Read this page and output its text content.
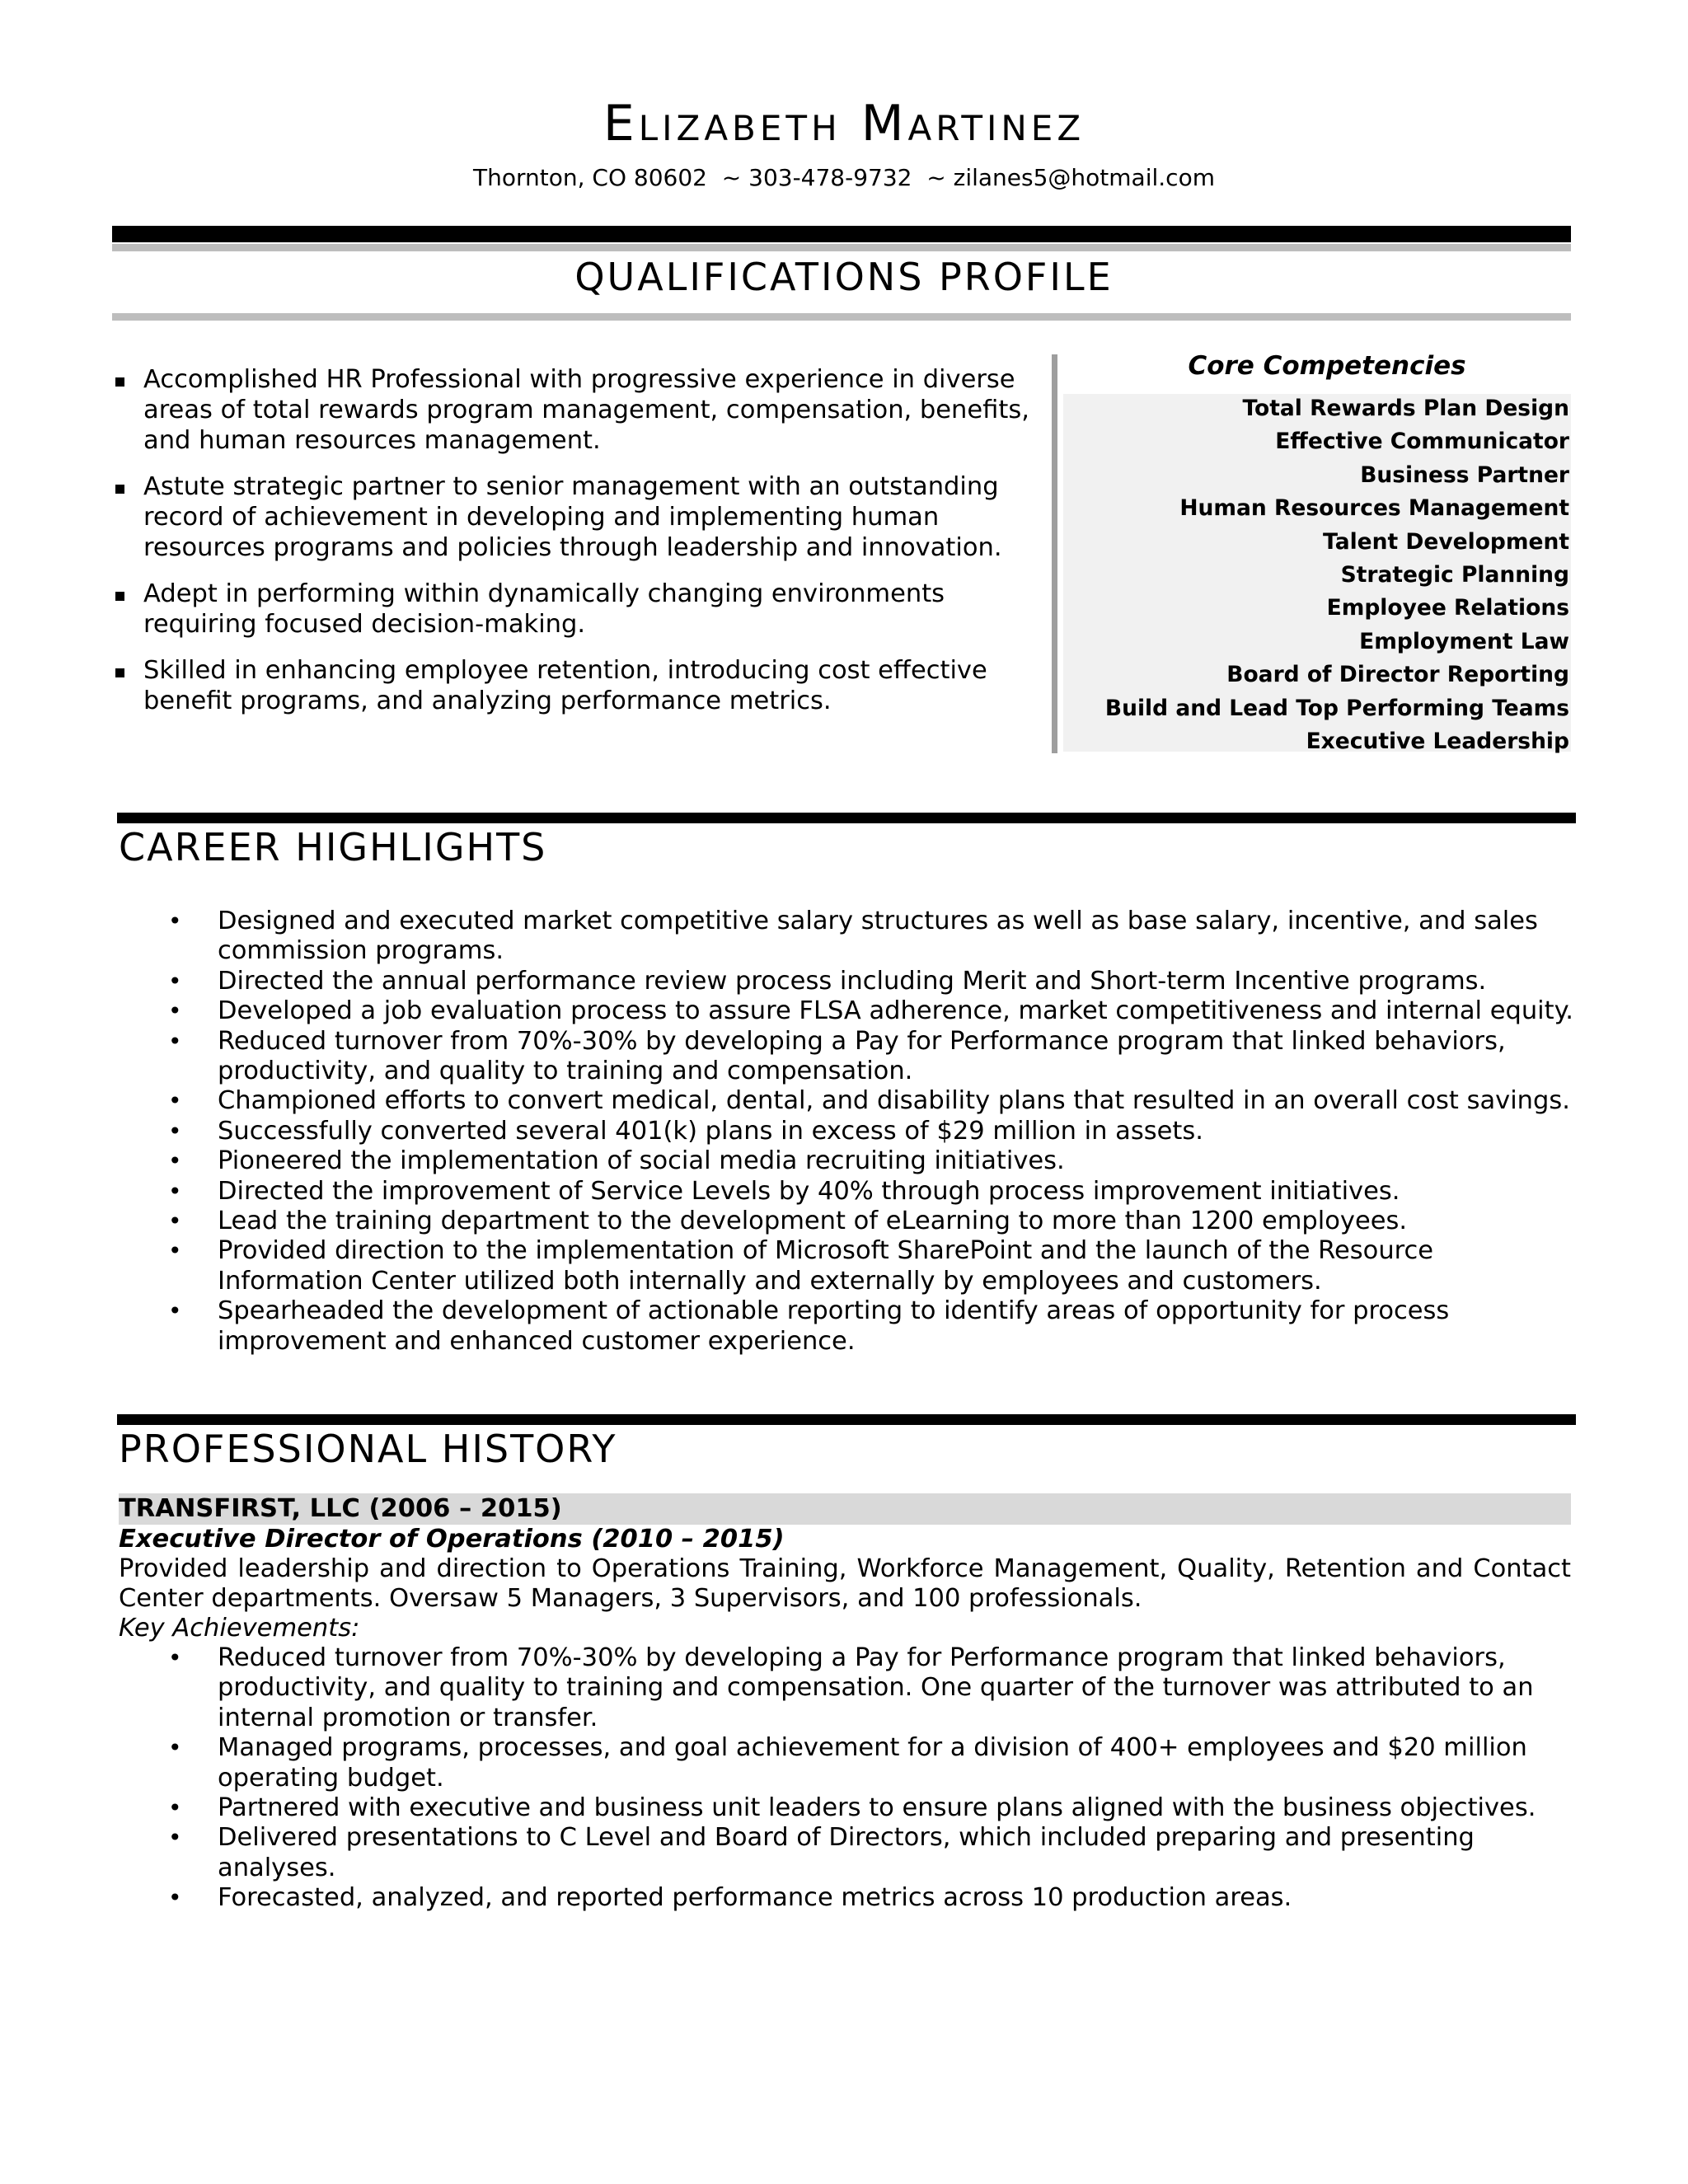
Elizabeth Martinez
Thornton, CO 80602  ~ 303-478-9732  ~ zilanes5@hotmail.com
QUALIFICATIONS PROFILE
Accomplished HR Professional with progressive experience in diverse
areas of total rewards program management, compensation, benefits,
and human resources management.
Astute strategic partner to senior management with an outstanding
record of achievement in developing and implementing human
resources programs and policies through leadership and innovation.
Adept in performing within dynamically changing environments
requiring focused decision-making.
Skilled in enhancing employee retention, introducing cost effective
benefit programs, and analyzing performance metrics.
Core Competencies
Total Rewards Plan Design
Effective Communicator
Business Partner
Human Resources Management
Talent Development
Strategic Planning
Employee Relations
Employment Law
Board of Director Reporting
Build and Lead Top Performing Teams
Executive Leadership
CAREER HIGHLIGHTS
• Designed and executed market competitive salary structures as well as base salary, incentive, and sales
commission programs.
• Directed the annual performance review process including Merit and Short-term Incentive programs.
• Developed a job evaluation process to assure FLSA adherence, market competitiveness and internal equity.
• Reduced turnover from 70%-30% by developing a Pay for Performance program that linked behaviors,
productivity, and quality to training and compensation.
• Championed efforts to convert medical, dental, and disability plans that resulted in an overall cost savings.
• Successfully converted several 401(k) plans in excess of $29 million in assets.
• Pioneered the implementation of social media recruiting initiatives.
• Directed the improvement of Service Levels by 40% through process improvement initiatives.
• Lead the training department to the development of eLearning to more than 1200 employees.
• Provided direction to the implementation of Microsoft SharePoint and the launch of the Resource
Information Center utilized both internally and externally by employees and customers.
• Spearheaded the development of actionable reporting to identify areas of opportunity for process
improvement and enhanced customer experience.
PROFESSIONAL HISTORY
TRANSFIRST, LLC (2006 – 2015)
Executive Director of Operations (2010 – 2015)
Provided leadership and direction to Operations Training, Workforce Management, Quality, Retention and Contact Center departments. Oversaw 5 Managers, 3 Supervisors, and 100 professionals.
Key Achievements:
• Reduced turnover from 70%-30% by developing a Pay for Performance program that linked behaviors,
productivity, and quality to training and compensation. One quarter of the turnover was attributed to an
internal promotion or transfer.
• Managed programs, processes, and goal achievement for a division of 400+ employees and $20 million
operating budget.
• Partnered with executive and business unit leaders to ensure plans aligned with the business objectives.
• Delivered presentations to C Level and Board of Directors, which included preparing and presenting
analyses.
• Forecasted, analyzed, and reported performance metrics across 10 production areas.
